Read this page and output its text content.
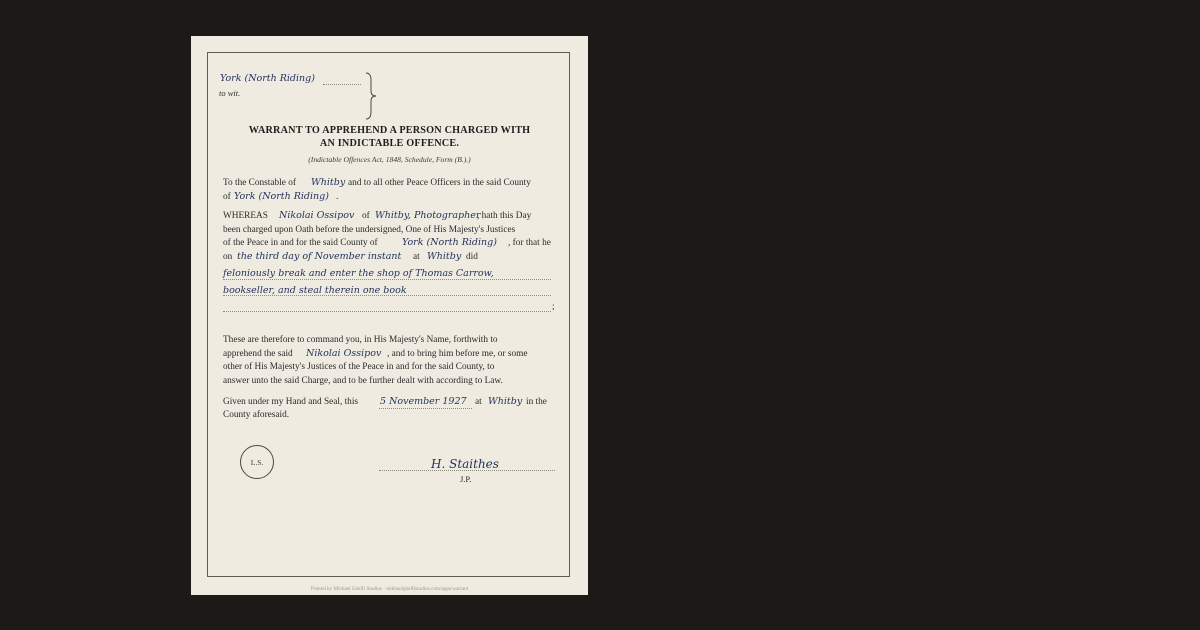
York (North Riding)
to wit.
WARRANT TO APPREHEND A PERSON CHARGED WITH
AN INDICTABLE OFFENCE.
(Indictable Offences Act, 1848, Schedule, Form (B.).)
To the Constable of Whitby and to all other Peace Officers in the said County
of York (North Riding) .
WHEREAS Nikolai Ossipov of Whitby, Photographer
, hath this Day
been charged upon Oath before the undersigned, One of His Majesty's Justices
of the Peace in and for the said County of	York (North Riding) , for that he
on the third day of November instant at Whitby did
feloniously break and enter the shop of Thomas Carrow,
bookseller, and steal therein one book
;
These are therefore to command you, in His Majesty's Name, forthwith to
apprehend the said Nikolai Ossipov , and to bring him before me, or some
other of His Majesty's Justices of the Peace in and for the said County, to
answer unto the said Charge, and to be further dealt with according to Law.
Given under my Hand and Seal, this 5 November 1927 at Whitby in the
County aforesaid.
L.S.	H. Staithes
J.P.
Printed by Michael Ghelfi Studios · mikhaelghelfistudios.com/apps/warrant
